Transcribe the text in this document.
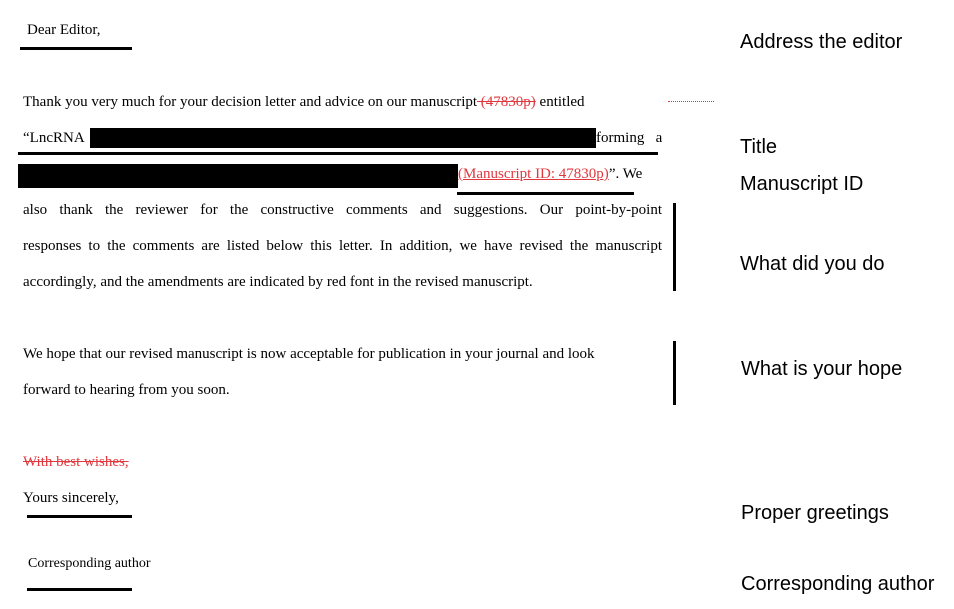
Dear Editor,
Thank you very much for your decision letter and advice on our manuscript (47830p) entitled
“LncRNA	forming   a
(Manuscript ID: 47830p)”. We
also thank the reviewer for the constructive comments and suggestions. Our point-by-point
responses to the comments are listed below this letter. In addition, we have revised the manuscript
accordingly, and the amendments are indicated by red font in the revised manuscript.
We hope that our revised manuscript is now acceptable for publication in your journal and look
forward to hearing from you soon.
With best wishes,
Yours sincerely,
Corresponding author
Address the editor
Title
Manuscript ID
What did you do
What is your hope
Proper greetings
Corresponding author
